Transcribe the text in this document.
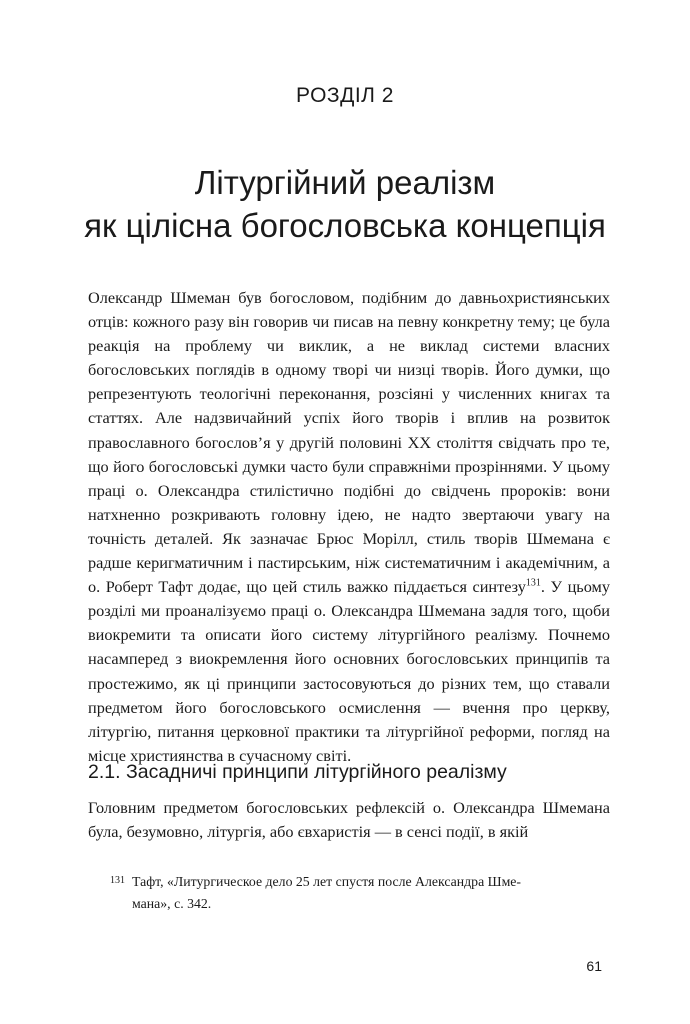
РОЗДІЛ 2
Літургійний реалізм
як цілісна богословська концепція

Олександр Шмеман був богословом, подібним до давньохристиянських отців: кожного разу він говорив чи писав на певну конкретну тему; це була реакція на проблему чи виклик, а не виклад системи власних богословських поглядів в одному творі чи низці творів. Його думки, що репрезентують теологічні переконання, розсіяні у численних книгах та статтях. Але надзвичайний успіх його творів і вплив на розвиток православного богослов’я у другій половині XX століття свідчать про те, що його богословські думки часто були справжніми прозріннями. У цьому праці о. Олександра стилістично подібні до свідчень пророків: вони натхненно розкривають головну ідею, не надто звертаючи увагу на точність деталей. Як зазначає Брюс Морілл, стиль творів Шмемана є радше керигматичним і пастирським, ніж систематичним і академічним, а о. Роберт Тафт додає, що цей стиль важко піддається синтезу$^{131}$. У цьому розділі ми проаналізуємо праці о. Олександра Шмемана задля того, щоби виокремити та описати його систему літургійного реалізму. Почнемо насамперед з виокремлення його основних богословських принципів та простежимо, як ці принципи застосовуються до різних тем, що ставали предметом його богословського осмислення — вчення про церкву, літургію, питання церковної практики та літургійної реформи, погляд на місце християнства в сучасному світі.

2.1. Засадничі принципи літургійного реалізму

Головним предметом богословських рефлексій о. Олександра Шмемана була, безумовно, літургія, або євхаристія — в сенсі події, в якій

131 Тафт, «Литургическое дело 25 лет спустя после Александра Шме-
мана», с. 342.
61
